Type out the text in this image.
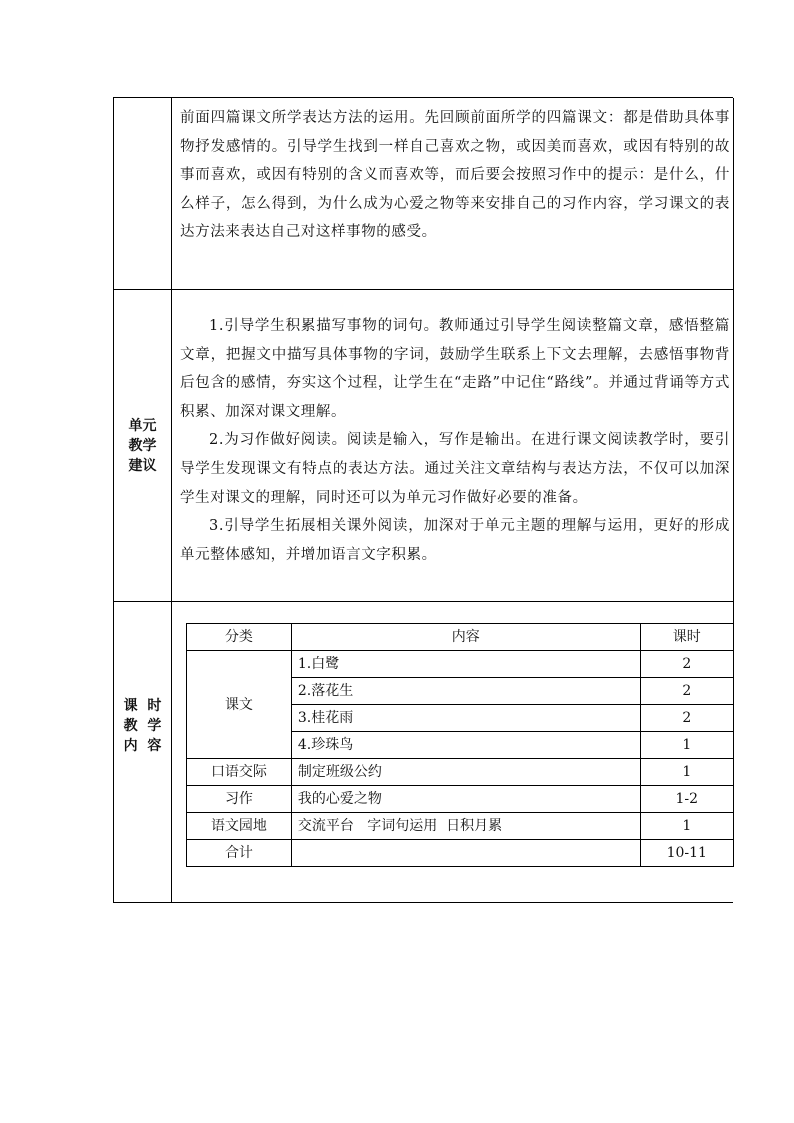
前面四篇课文所学表达方法的运用。先回顾前面所学的四篇课文：都是借助具体事物抒发感情的。引导学生找到一样自己喜欢之物，或因美而喜欢，或因有特别的故事而喜欢，或因有特别的含义而喜欢等，而后要会按照习作中的提示：是什么，什么样子，怎么得到，为什么成为心爱之物等来安排自己的习作内容，学习课文的表达方法来表达自己对这样事物的感受。
单元
教学
建议

1.引导学生积累描写事物的词句。教师通过引导学生阅读整篇文章，感悟整篇文章，把握文中描写具体事物的字词，鼓励学生联系上下文去理解，去感悟事物背后包含的感情，夯实这个过程，让学生在“走路”中记住“路线”。并通过背诵等方式积累、加深对课文理解。

2.为习作做好阅读。阅读是输入，写作是输出。在进行课文阅读教学时，要引导学生发现课文有特点的表达方法。通过关注文章结构与表达方法，不仅可以加深学生对课文的理解，同时还可以为单元习作做好必要的准备。

3.引导学生拓展相关课外阅读，加深对于单元主题的理解与运用，更好的形成单元整体感知，并增加语言文字积累。

课  时
教  学
内  容
分类	内容	课时
课文	1.白鹭	2
	2.落花生	2
	3.桂花雨	2
	4.珍珠鸟	1
口语交际	制定班级公约	1
习作	我的心爱之物	1-2
语文园地	交流平台   字词句运用  日积月累	1
合计		10-11
